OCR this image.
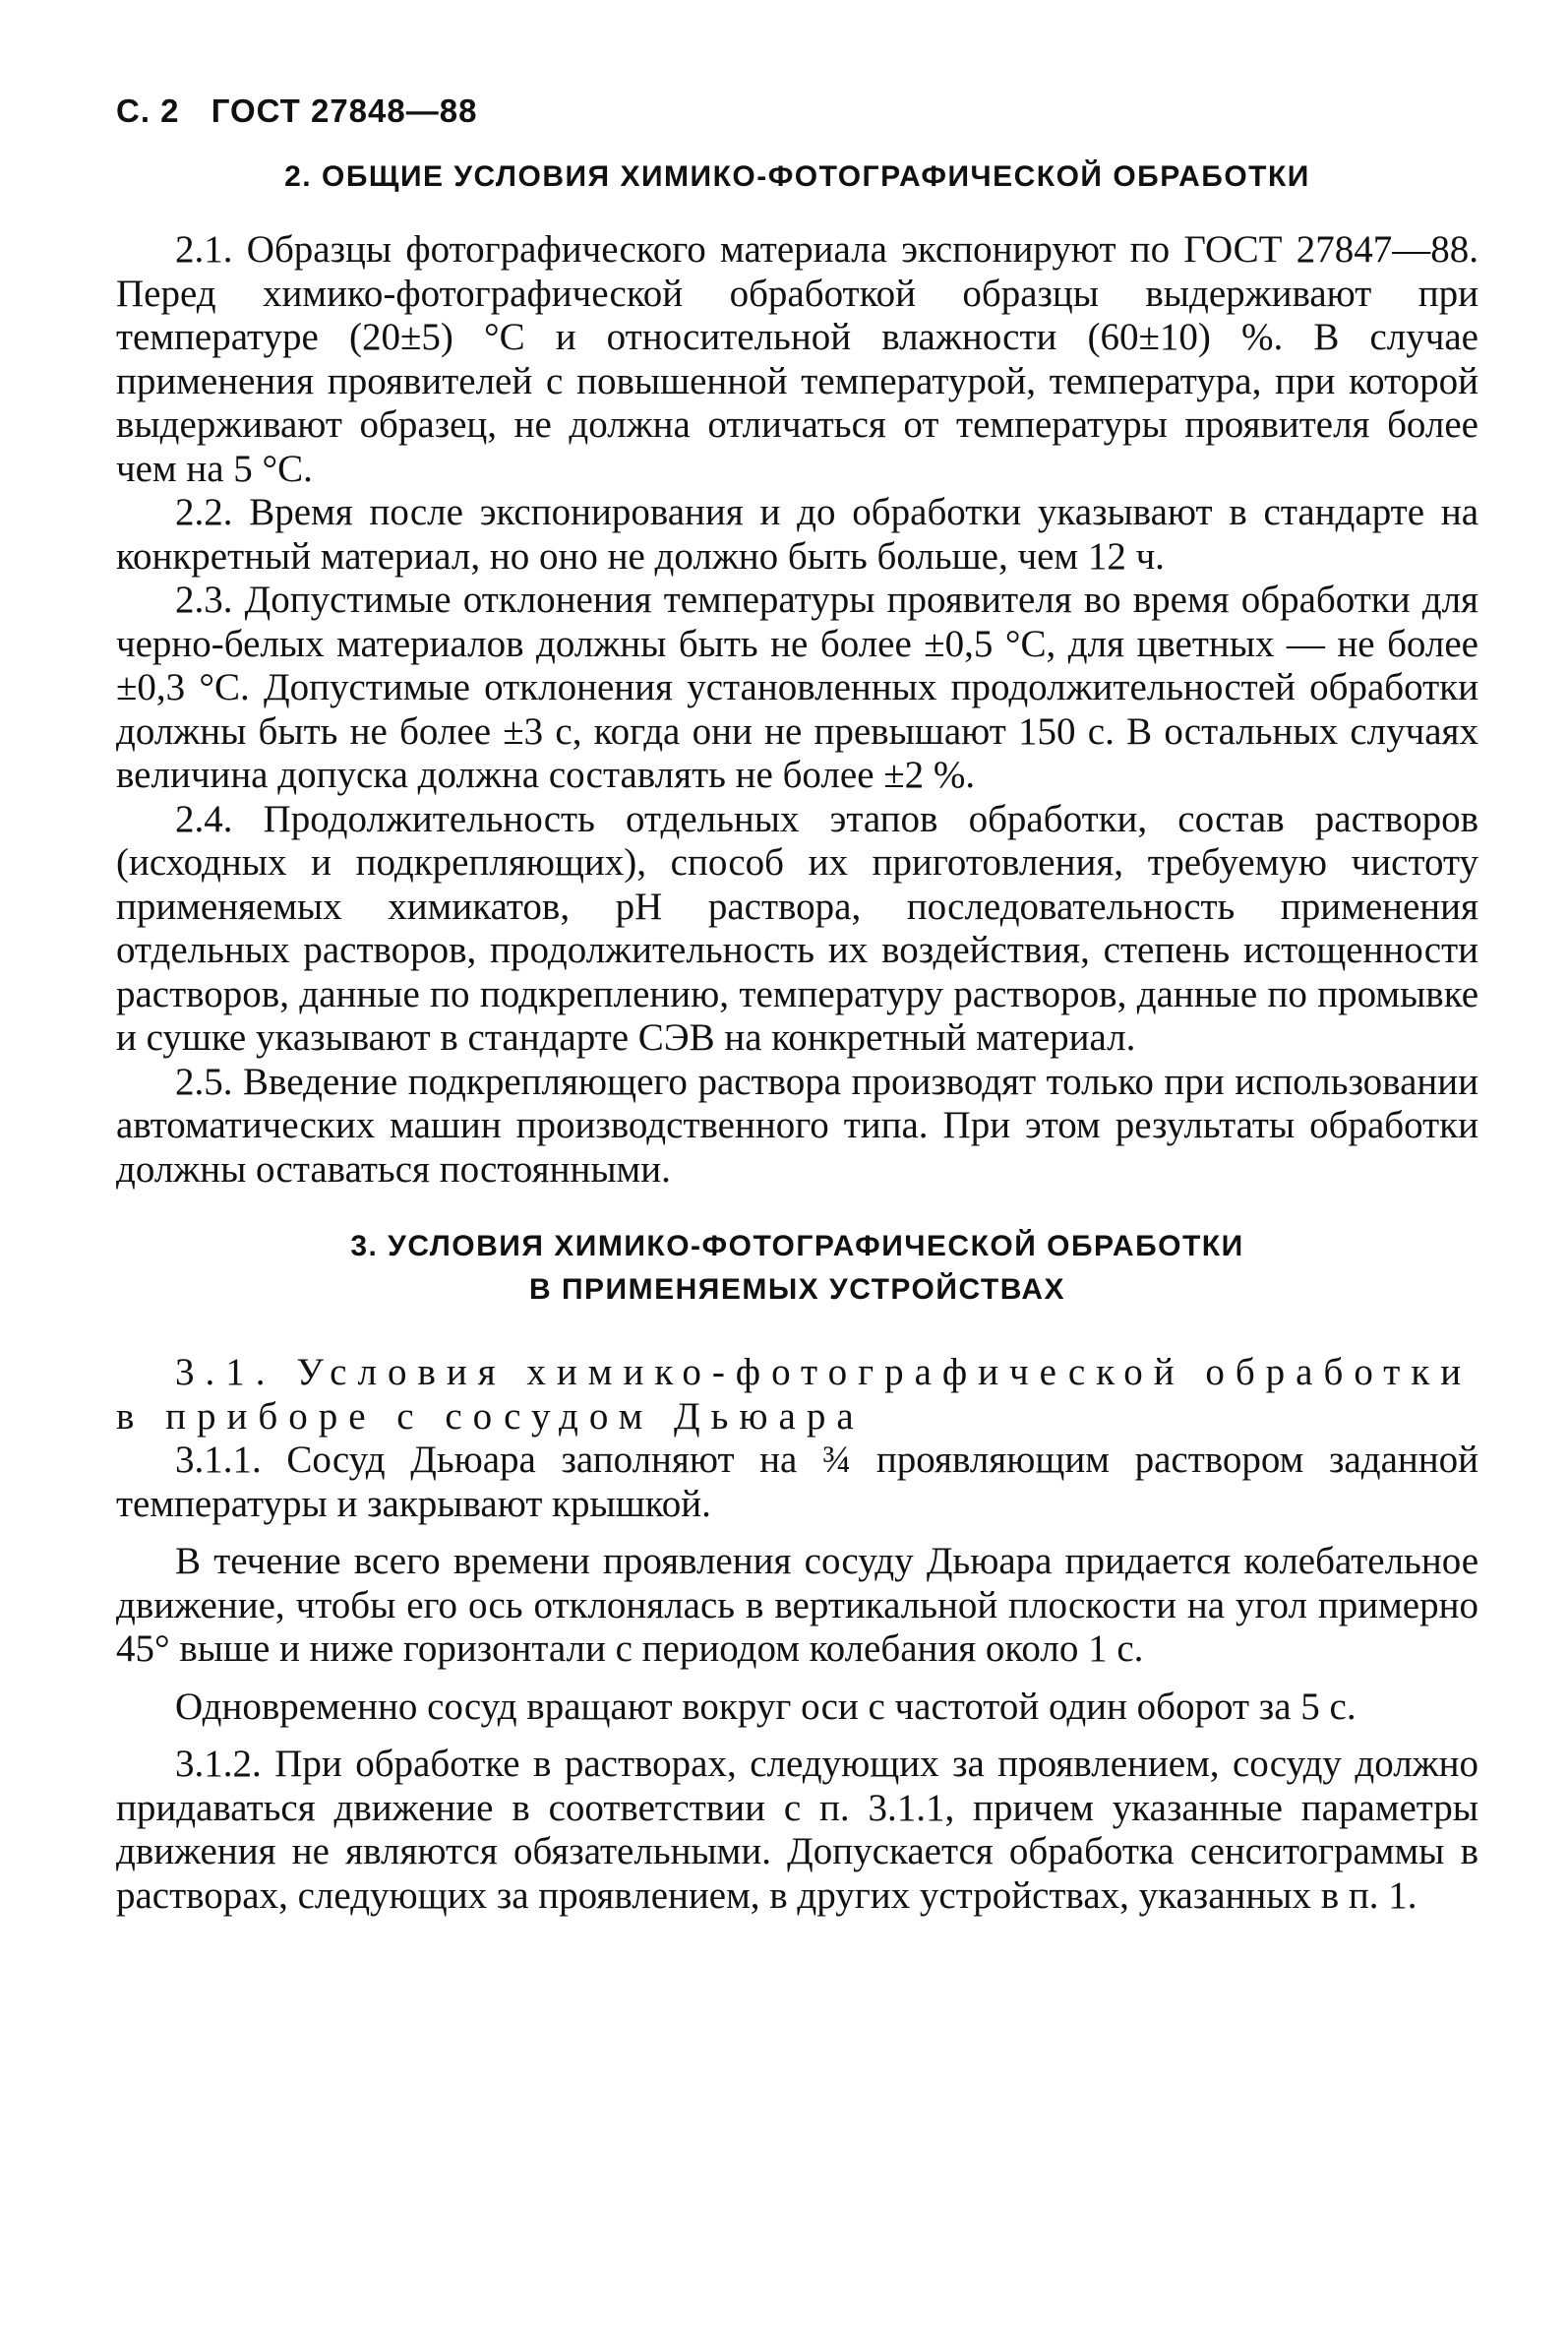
С. 2 ГОСТ 27848—88
2. ОБЩИЕ УСЛОВИЯ ХИМИКО-ФОТОГРАФИЧЕСКОЙ ОБРАБОТКИ

2.1. Образцы фотографического материала экспонируют по ГОСТ 27847—88. Перед химико-фотографической обработкой образцы выдерживают при температуре (20±5) °С и относительной влажности (60±10) %. В случае применения проявителей с повышенной температурой, температура, при которой выдерживают образец, не должна отличаться от температуры проявителя более чем на 5 °С.

2.2. Время после экспонирования и до обработки указывают в стандарте на конкретный материал, но оно не должно быть больше, чем 12 ч.

2.3. Допустимые отклонения температуры проявителя во время обработки для черно-белых материалов должны быть не более ±0,5 °С, для цветных — не более ±0,3 °С. Допустимые отклонения установленных продолжительностей обработки должны быть не более ±3 с, когда они не превышают 150 с. В остальных случаях величина допуска должна составлять не более ±2 %.

2.4. Продолжительность отдельных этапов обработки, состав растворов (исходных и подкрепляющих), способ их приготовления, требуемую чистоту применяемых химикатов, pH раствора, последовательность применения отдельных растворов, продолжительность их воздействия, степень истощенности растворов, данные по подкреплению, температуру растворов, данные по промывке и сушке указывают в стандарте СЭВ на конкретный материал.

2.5. Введение подкрепляющего раствора производят только при использовании автоматических машин производственного типа. При этом результаты обработки должны оставаться постоянными.

3. УСЛОВИЯ ХИМИКО-ФОТОГРАФИЧЕСКОЙ ОБРАБОТКИ
В ПРИМЕНЯЕМЫХ УСТРОЙСТВАХ

3.1. Условия химико-фотографической обработки в приборе с сосудом Дьюара

3.1.1. Сосуд Дьюара заполняют на ¾ проявляющим раствором заданной температуры и закрывают крышкой.

В течение всего времени проявления сосуду Дьюара придается колебательное движение, чтобы его ось отклонялась в вертикальной плоскости на угол примерно 45° выше и ниже горизонтали с периодом колебания около 1 с.

Одновременно сосуд вращают вокруг оси с частотой один оборот за 5 с.

3.1.2. При обработке в растворах, следующих за проявлением, сосуду должно придаваться движение в соответствии с п. 3.1.1, причем указанные параметры движения не являются обязательными. Допускается обработка сенситограммы в растворах, следующих за проявлением, в других устройствах, указанных в п. 1.
